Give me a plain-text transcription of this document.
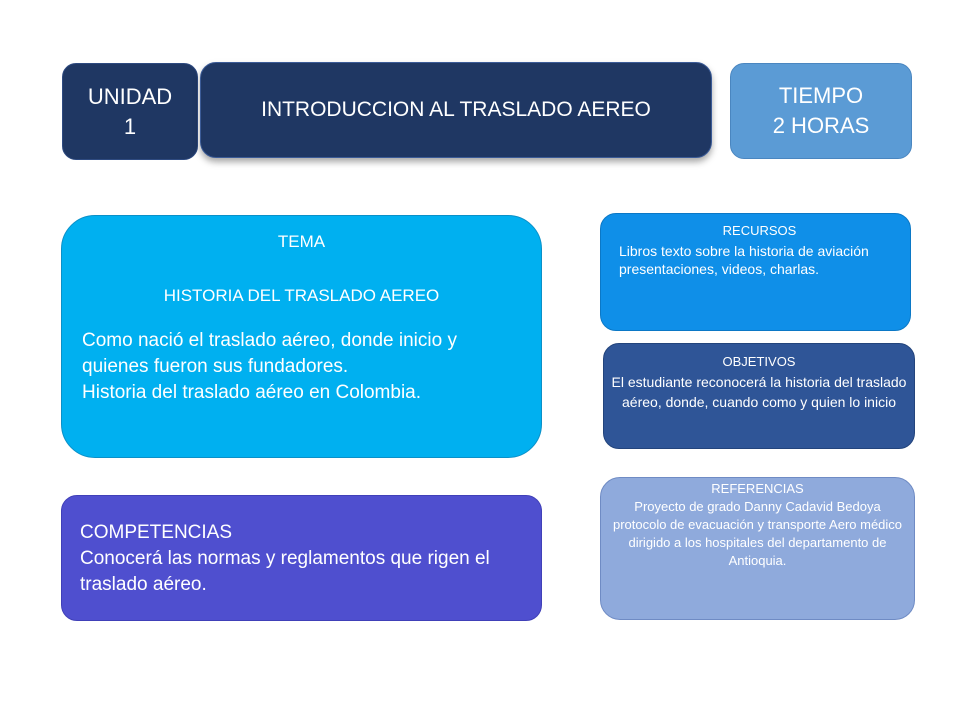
UNIDAD
1
INTRODUCCION AL TRASLADO AEREO
TIEMPO
2 HORAS
TEMA
HISTORIA DEL TRASLADO AEREO
Como nació el traslado aéreo, donde inicio y quienes fueron sus fundadores.
Historia del traslado aéreo en Colombia.
COMPETENCIAS
Conocerá las normas y reglamentos que rigen el traslado aéreo.
RECURSOS
Libros texto sobre la historia de aviación
presentaciones, videos, charlas.
OBJETIVOS
El estudiante reconocerá la historia del traslado aéreo, donde, cuando como y quien lo inicio
REFERENCIAS
Proyecto de grado Danny Cadavid Bedoya protocolo de evacuación y transporte Aero médico dirigido a los hospitales del departamento de Antioquia.
